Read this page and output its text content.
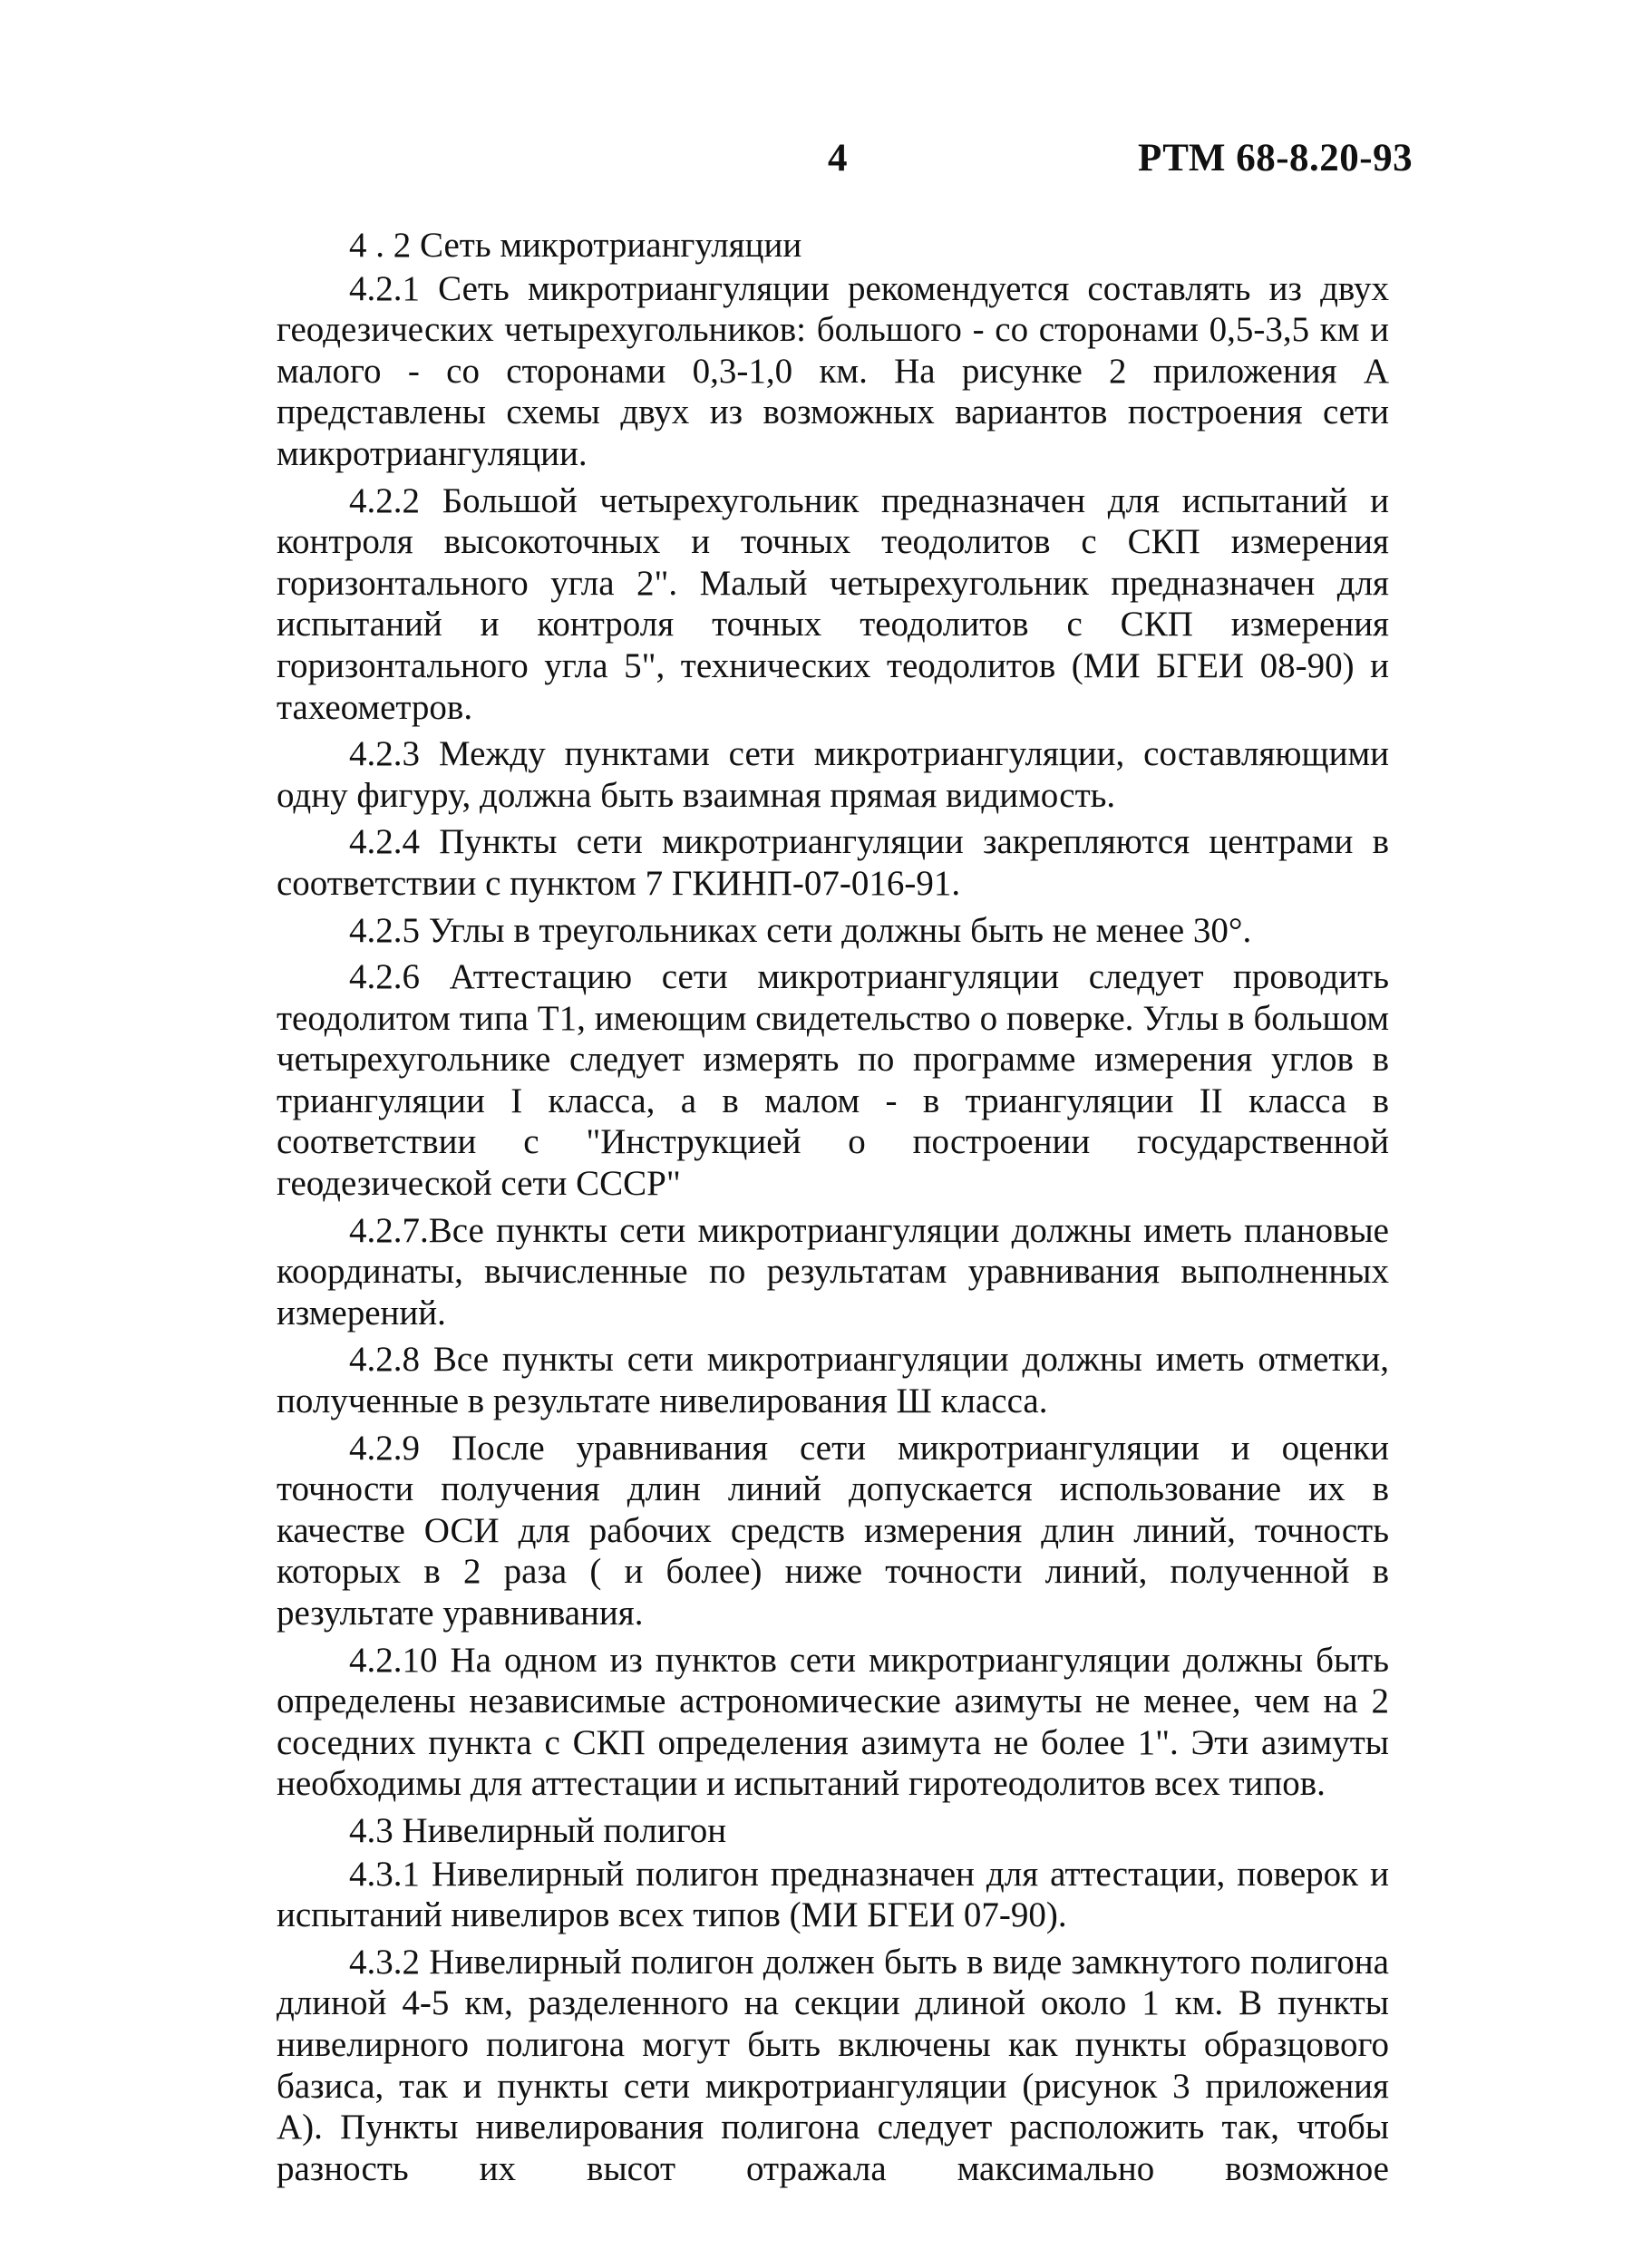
4	РТМ 68-8.20-93

4 . 2 Сеть микротриангуляции

4.2.1 Сеть микротриангуляции рекомендуется составлять из двух геодезических четырехугольников: большого - со сторонами 0,5-3,5 км и малого - со сторонами 0,3-1,0 км. На рисунке 2 приложения А представлены схемы двух из возможных вариантов построения сети микротриангуляции.

4.2.2 Большой четырехугольник предназначен для испытаний и контроля высокоточных и точных теодолитов с СКП измерения горизонтального угла 2". Малый четырехугольник предназначен для испытаний и контроля точных теодолитов с СКП измерения горизонтального угла 5", технических теодолитов (МИ БГЕИ 08-90) и тахеометров.

4.2.3 Между пунктами сети микротриангуляции, составляющими одну фигуру, должна быть взаимная прямая видимость.

4.2.4 Пункты сети микротриангуляции закрепляются центрами в соответствии с пунктом 7 ГКИНП-07-016-91.

4.2.5 Углы в треугольниках сети должны быть не менее 30°.

4.2.6 Аттестацию сети микротриангуляции следует проводить теодолитом типа Т1, имеющим свидетельство о поверке. Углы в большом четырехугольнике следует измерять по программе измерения углов в триангуляции I класса, а в малом - в триангуляции II класса в соответствии с "Инструкцией о построении государственной геодезической сети СССР"

4.2.7.Все пункты сети микротриангуляции должны иметь плановые координаты, вычисленные по результатам уравнивания выполненных измерений.

4.2.8 Все пункты сети микротриангуляции должны иметь отметки, полученные в результате нивелирования Ш класса.

4.2.9 После уравнивания сети микротриангуляции и оценки точности получения длин линий допускается использование их в качестве ОСИ для рабочих средств измерения длин линий, точность которых в 2 раза ( и более) ниже точности линий, полученной в результате уравнивания.

4.2.10 На одном из пунктов сети микротриангуляции должны быть определены независимые астрономические азимуты не менее, чем на 2 соседних пункта с СКП определения азимута не более 1". Эти азимуты необходимы для аттестации и испытаний гиротеодолитов всех типов.

4.3 Нивелирный полигон

4.3.1 Нивелирный полигон предназначен для аттестации, поверок и испытаний нивелиров всех типов (МИ БГЕИ 07-90).

4.3.2 Нивелирный полигон должен быть в виде замкнутого полигона длиной 4-5 км, разделенного на секции длиной около 1 км. В пункты нивелирного полигона могут быть включены как пункты образцового базиса, так и пункты сети микротриангуляции (рисунок 3 приложения А). Пункты нивелирования полигона следует расположить так, чтобы разность их высот отражала максимально возможное
